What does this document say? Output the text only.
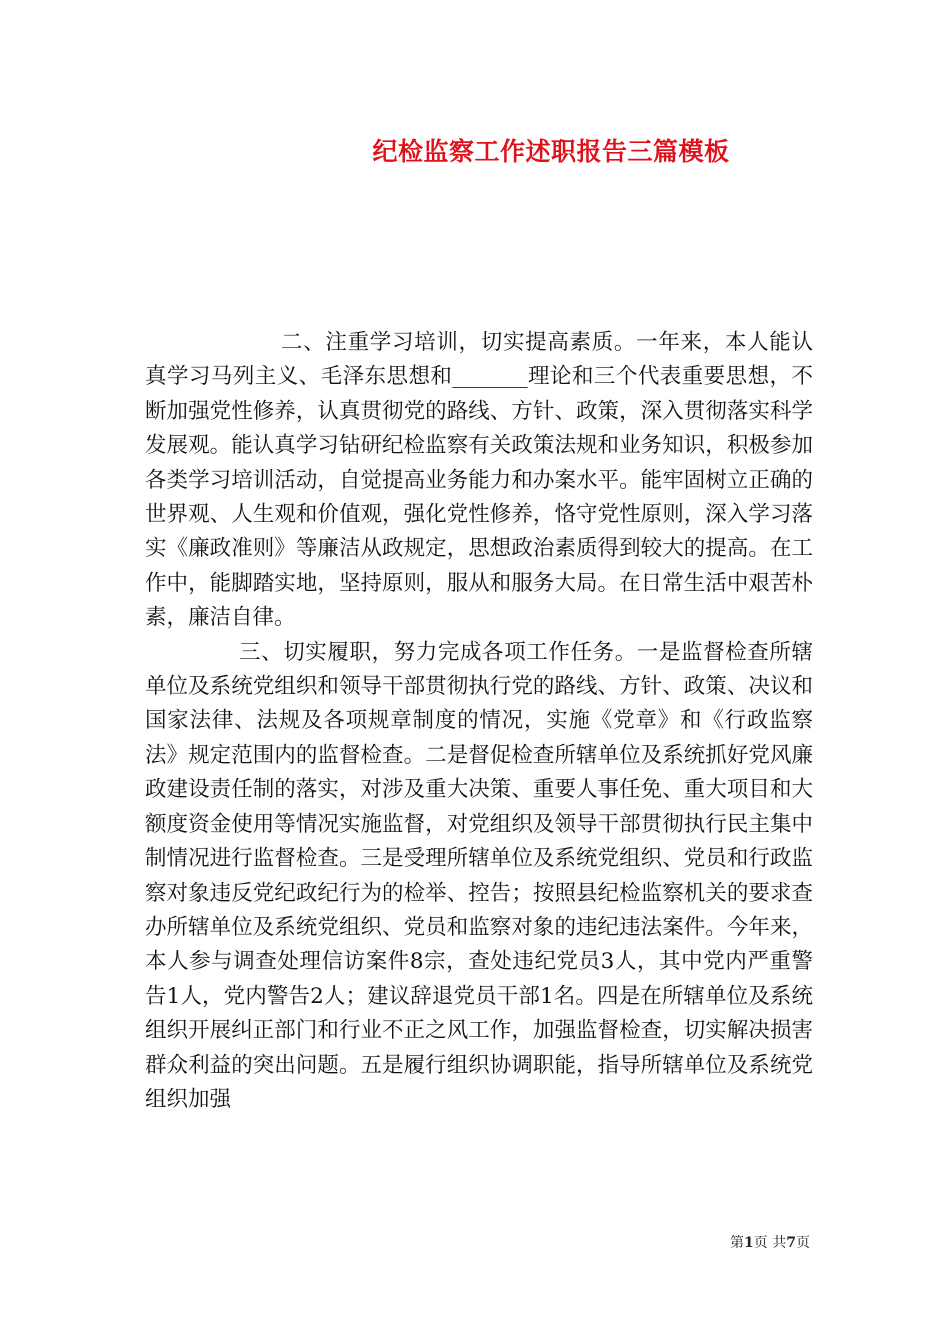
纪检监察工作述职报告三篇模板

二、注重学习培训，切实提高素质。一年来，本人能认真学习马列主义、毛泽东思想和_______理论和三个代表重要思想，不断加强党性修养，认真贯彻党的路线、方针、政策，深入贯彻落实科学发展观。能认真学习钻研纪检监察有关政策法规和业务知识，积极参加各类学习培训活动，自觉提高业务能力和办案水平。能牢固树立正确的世界观、人生观和价值观，强化党性修养，恪守党性原则，深入学习落实《廉政准则》等廉洁从政规定，思想政治素质得到较大的提高。在工作中，能脚踏实地，坚持原则，服从和服务大局。在日常生活中艰苦朴素，廉洁自律。

三、切实履职，努力完成各项工作任务。一是监督检查所辖单位及系统党组织和领导干部贯彻执行党的路线、方针、政策、决议和国家法律、法规及各项规章制度的情况，实施《党章》和《行政监察法》规定范围内的监督检查。二是督促检查所辖单位及系统抓好党风廉政建设责任制的落实，对涉及重大决策、重要人事任免、重大项目和大额度资金使用等情况实施监督，对党组织及领导干部贯彻执行民主集中制情况进行监督检查。三是受理所辖单位及系统党组织、党员和行政监察对象违反党纪政纪行为的检举、控告；按照县纪检监察机关的要求查办所辖单位及系统党组织、党员和监察对象的违纪违法案件。今年来，本人参与调查处理信访案件8宗，查处违纪党员3人，其中党内严重警告1人，党内警告2人；建议辞退党员干部1名。四是在所辖单位及系统组织开展纠正部门和行业不正之风工作，加强监督检查，切实解决损害群众利益的突出问题。五是履行组织协调职能，指导所辖单位及系统党组织加强

第1页 共7页
